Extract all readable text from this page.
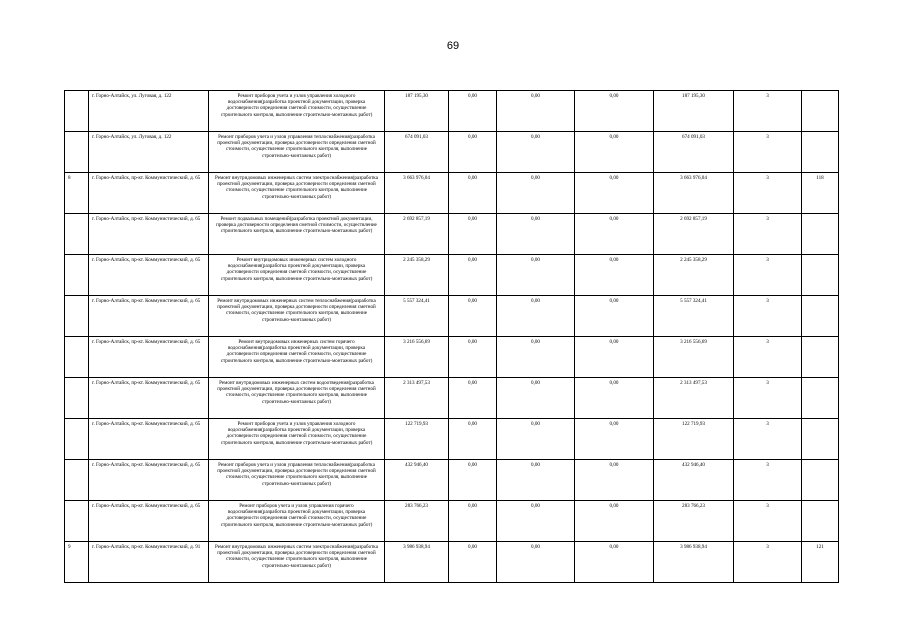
69
	г. Горно-Алтайск, ул. Луговая, д. 122	Ремонт приборов учета и узлов управления холодного водоснабжения(разработка проектной документации, проверка достоверности определения сметной стоимости, осуществление строительного контроля, выполнение строительно-монтажных работ)	187 195,30	0,00	0,00	0,00	187 195,30	3	
	г. Горно-Алтайск, ул. Луговая, д. 122	Ремонт приборов учета и узлов управления теплоснабжения(разработка проектной документации, проверка достоверности определения сметной стоимости, осуществление строительного контроля, выполнение строительно-монтажных работ)	674 091,03	0,00	0,00	0,00	674 091,03	3	
8	г. Горно-Алтайск, пр-кт. Коммунистический, д. 65	Ремонт внутридомовых инженерных систем электроснабжения(разработка проектной документации, проверка достоверности определения сметной стоимости, осуществление строительного контроля, выполнение строительно-монтажных работ)	3 663 976,04	0,00	0,00	0,00	3 663 976,04	3	118
	г. Горно-Алтайск, пр-кт. Коммунистический, д. 65	Ремонт подвальных помещений(разработка проектной документации, проверка достоверности определения сметной стоимости, осуществление строительного контроля, выполнение строительно-монтажных работ)	2 692 857,19	0,00	0,00	0,00	2 692 857,19	3	
	г. Горно-Алтайск, пр-кт. Коммунистический, д. 65	Ремонт внутридомовых инженерных систем холодного водоснабжения(разработка проектной документации, проверка достоверности определения сметной стоимости, осуществление строительного контроля, выполнение строительно-монтажных работ)	2 245 358,29	0,00	0,00	0,00	2 245 358,29	3	
	г. Горно-Алтайск, пр-кт. Коммунистический, д. 65	Ремонт внутридомовых инженерных систем теплоснабжения(разработка проектной документации, проверка достоверности определения сметной стоимости, осуществление строительного контроля, выполнение строительно-монтажных работ)	5 557 324,41	0,00	0,00	0,00	5 557 324,41	3	
	г. Горно-Алтайск, пр-кт. Коммунистический, д. 65	Ремонт внутридомовых инженерных систем горячего водоснабжения(разработка проектной документации, проверка достоверности определения сметной стоимости, осуществление строительного контроля, выполнение строительно-монтажных работ)	3 216 556,69	0,00	0,00	0,00	3 216 556,69	3	
	г. Горно-Алтайск, пр-кт. Коммунистический, д. 65	Ремонт внутридомовых инженерных систем водоотведения(разработка проектной документации, проверка достоверности определения сметной стоимости, осуществление строительного контроля, выполнение строительно-монтажных работ)	2 313 497,53	0,00	0,00	0,00	2 313 497,53	3	
	г. Горно-Алтайск, пр-кт. Коммунистический, д. 65	Ремонт приборов учета и узлов управления холодного водоснабжения(разработка проектной документации, проверка достоверности определения сметной стоимости, осуществление строительного контроля, выполнение строительно-монтажных работ)	122 719,93	0,00	0,00	0,00	122 719,93	3	
	г. Горно-Алтайск, пр-кт. Коммунистический, д. 65	Ремонт приборов учета и узлов управления теплоснабжения(разработка проектной документации, проверка достоверности определения сметной стоимости, осуществление строительного контроля, выполнение строительно-монтажных работ)	432 946,40	0,00	0,00	0,00	432 946,40	3	
	г. Горно-Алтайск, пр-кт. Коммунистический, д. 65	Ремонт приборов учета и узлов управления горячего водоснабжения(разработка проектной документации, проверка достоверности определения сметной стоимости, осуществление строительного контроля, выполнение строительно-монтажных работ)	283 766,23	0,00	0,00	0,00	283 766,23	3	
9	г. Горно-Алтайск, пр-кт. Коммунистический, д. 91	Ремонт внутридомовых инженерных систем электроснабжения(разработка проектной документации, проверка достоверности определения сметной стоимости, осуществление строительного контроля, выполнение строительно-монтажных работ)	3 986 938,94	0,00	0,00	0,00	3 986 938,94	3	121
